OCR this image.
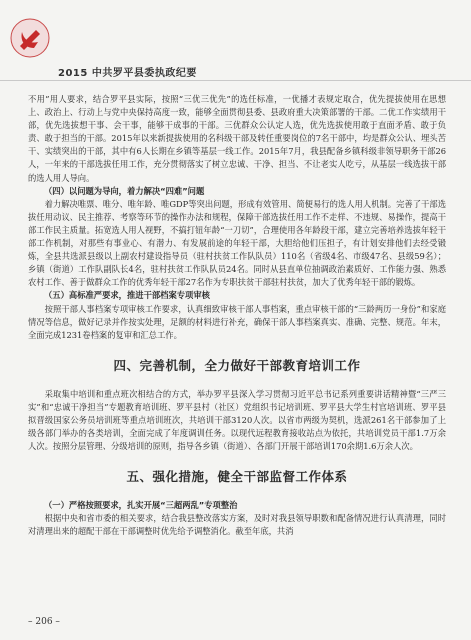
2015 中共罗平县委执政纪要

不用”用人要求，结合罗平县实际，按照“三优三优先”的选任标准，一优播才表规定取合，优先提拔使用在思想上、政治上、行动上与党中央保持高度一致，能够全面贯彻县委、县政府重大决策部署的干部。二优工作实绩用干部，优先选拔想干事、会干事，能够干成事的干部。三优群众公认定人选，优先选拔使用敢于直面矛盾、敢于负责、敢于担当的干部。2015年以来新提拔使用的名科级干部及转任重要岗位的7名干部中，均是群众公认、埋头苦干、实绩突出的干部，其中有6人长期在乡镇等基层一线工作。2015年7月，我县配备乡镇科级非领导职务干部26人，一年来的干部选拔任用工作，充分贯彻落实了树立忠诚、干净、担当、不让老实人吃亏，从基层一线选拔干部的选人用人导向。

（四）以问题为导向，着力解决“四难”问题

着力解决唯票、唯分、唯年龄、唯GDP等突出问题，形成有效管用、简便易行的选人用人机制。完善了干部选拔任用动议、民主推荐、考察等环节的操作办法和规程，保障干部选拔任用工作不走样、不违规、易操作，提高干部工作民主质量。拓宽选人用人视野，不搞打钮年龄“一刀切”，合理使用各年龄段干部，建立完善培养选拔年轻干部工作机制，对那些有事业心、有潜力、有发展前途的年轻干部，大胆给他们压担子，有计划安排他们去经受锻炼，全县共选派县级以上副农村建设指导员（驻村扶贫工作队队员）110名（省级4名、市级47名、县级59名）；乡镇（街道）工作队副队长4名，驻村扶贫工作队队员24名。同时从县直单位抽调政治素质好、工作能力强、熟悉农村工作、善于做群众工作的优秀年轻干部27名作为专职扶贫干部驻村扶贫，加大了优秀年轻干部的锻炼。

（五）高标准严要求，推进干部档案专项审核

按照干部人事档案专项审核工作要求，认真细致审核干部人事档案，重点审核干部的“三龄两历一身份”和家庭情况等信息，做好记录并作按实处理，足额的材料进行补充，确保干部人事档案真实、准确、完整、规范。年末，全面完成1231卷档案的复审和汇总工作。

四、完善机制，全力做好干部教育培训工作

采取集中培训和重点班次相结合的方式，举办罗平县深入学习贯彻习近平总书记系列重要讲话精神暨“三严三实”和“忠诚干净担当”专题教育培训班、罗平县村（社区）党组织书记培训班、罗平县大学生村官培训班、罗平县拟晋级国家公务员培训班等重点培训班次，共培训干部3120人次。以省市两级为契机，选派261名干部参加了上级各部门举办的各类培训，全面完成了年度调训任务。以现代远程教育接收站点为依托，共培训党员干部1.7万余人次。按照分层管理、分级培训的原则，指导各乡镇（街道）、各部门开展干部培训170余期1.6万余人次。

五、强化措施，健全干部监督工作体系
（一）严格按照要求，扎实开展“三超两乱”专项整治

根据中央和省市委的相关要求，结合我县整改落实方案，及时对我县领导职数和配备情况进行认真清理，同时对清理出来的超配干部在干部调整时优先给予调整消化。截至年底，共消

– 206 –
